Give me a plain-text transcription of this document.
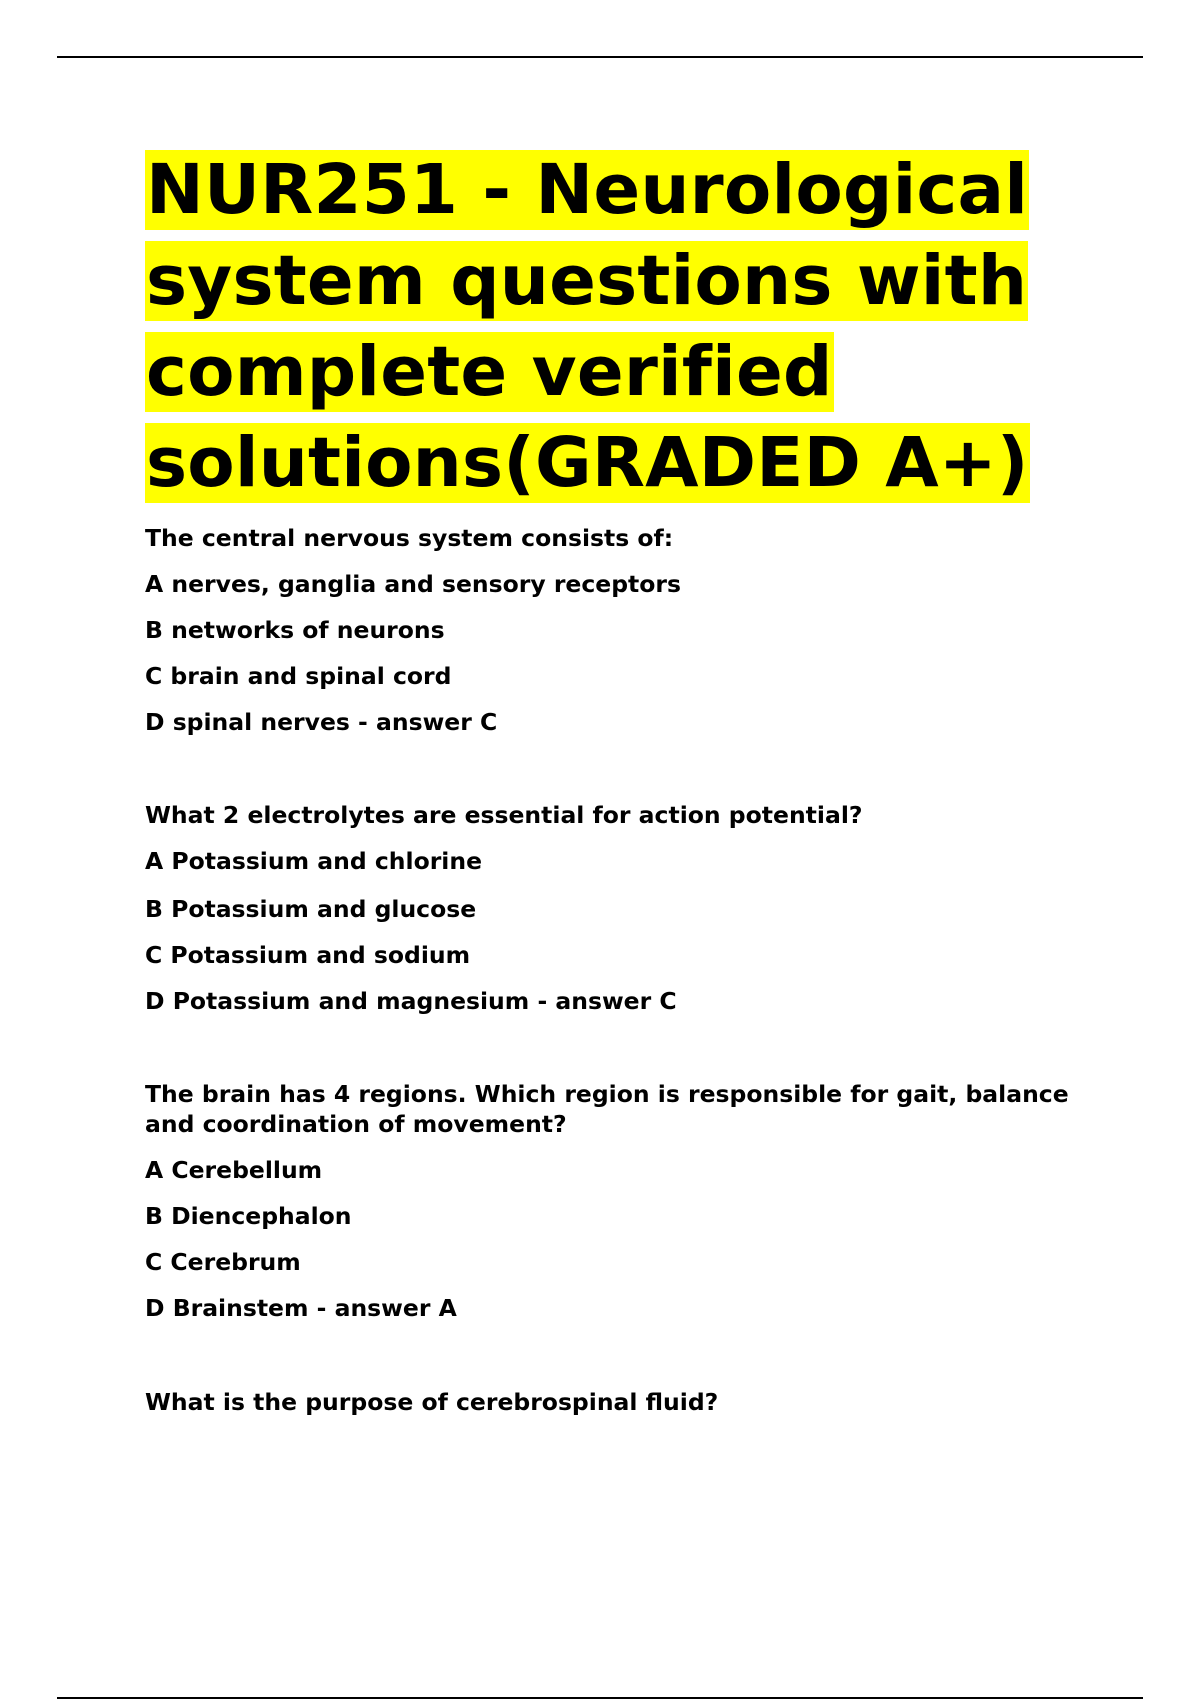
NUR251 - Neurological system questions with complete verified solutions(GRADED A+)

The central nervous system consists of:

A nerves, ganglia and sensory receptors

B networks of neurons

C brain and spinal cord

D spinal nerves - answer C

What 2 electrolytes are essential for action potential?

A Potassium and chlorine

B Potassium and glucose

C Potassium and sodium

D Potassium and magnesium - answer C

The brain has 4 regions. Which region is responsible for gait, balance and coordination of movement?

A Cerebellum

B Diencephalon

C Cerebrum

D Brainstem - answer A

What is the purpose of cerebrospinal fluid?
